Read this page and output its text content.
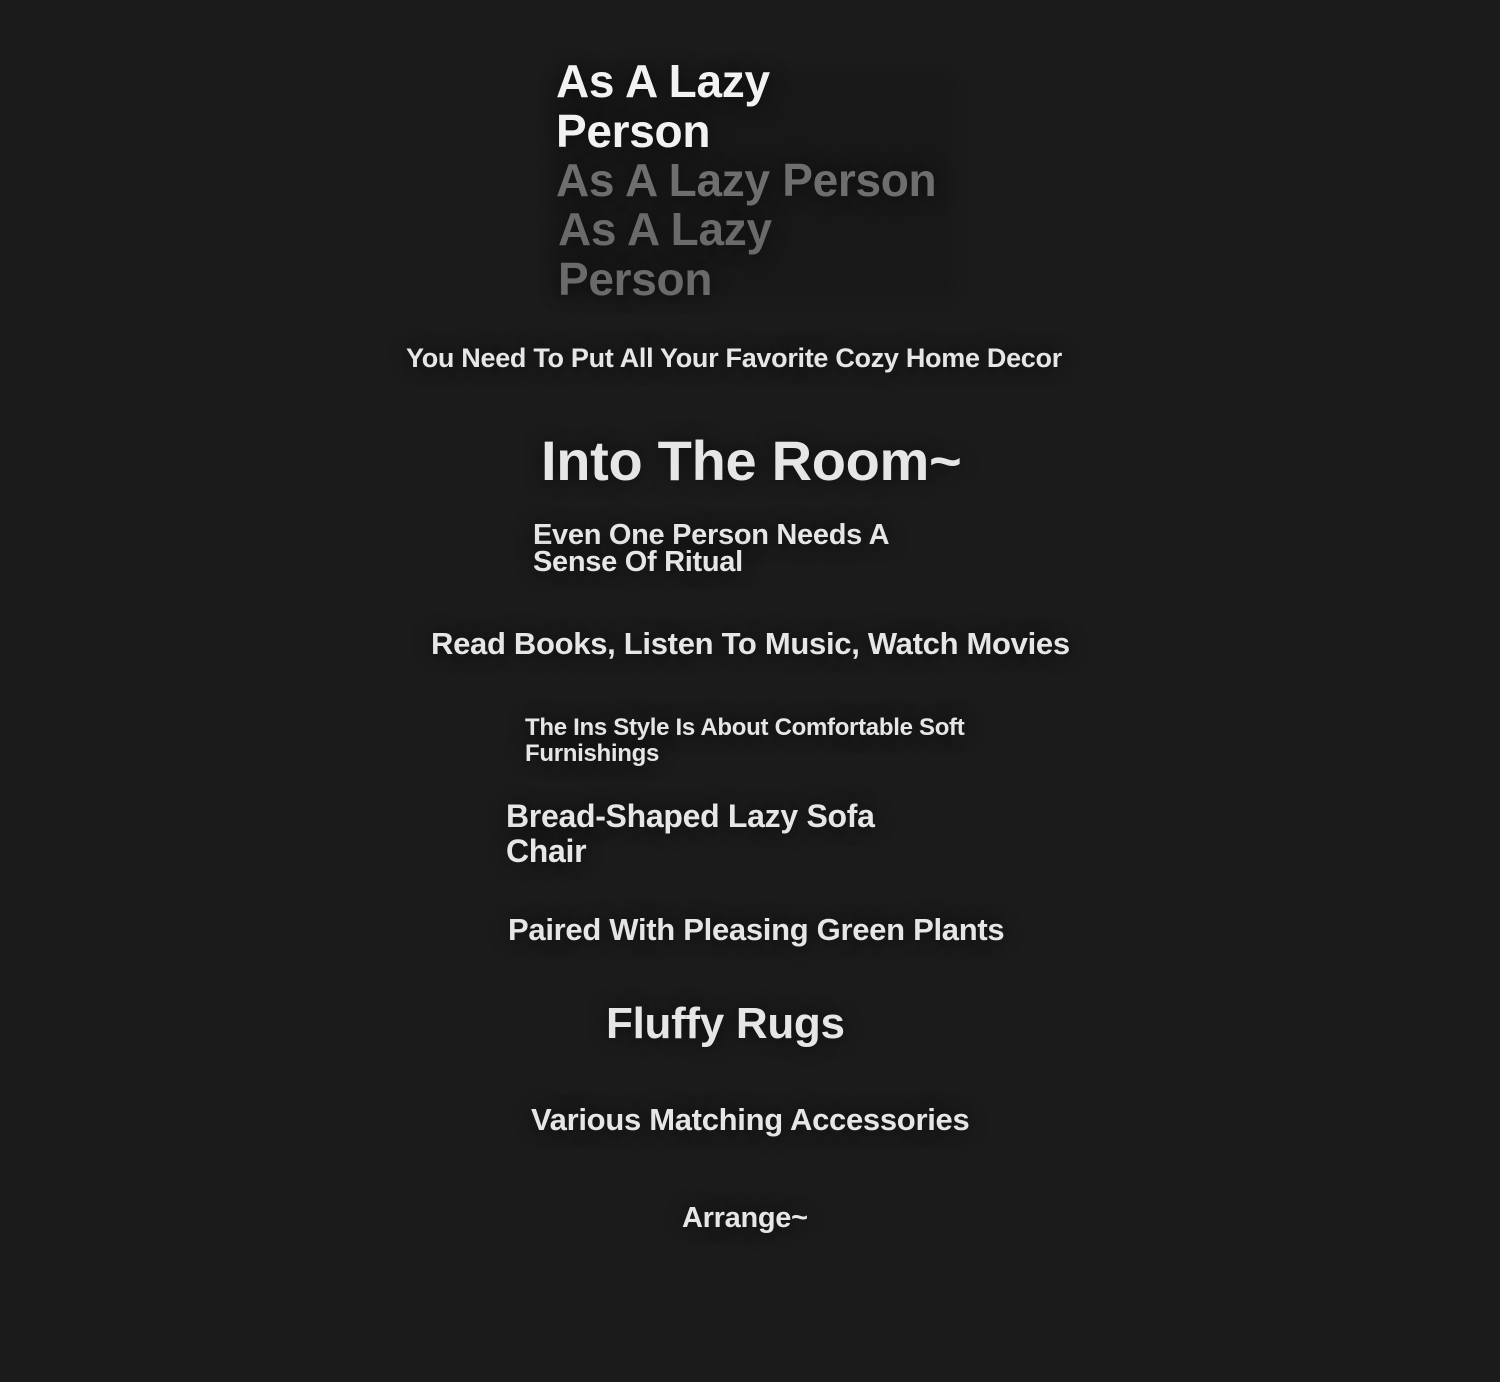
As A Lazy
Person
As A Lazy Person
As A Lazy
Person
You Need To Put All Your Favorite Cozy Home Decor
Into The Room~
Even One Person Needs A
Sense Of Ritual
Read Books, Listen To Music, Watch Movies
The Ins Style Is About Comfortable Soft
Furnishings
Bread-Shaped Lazy Sofa
Chair
Paired With Pleasing Green Plants
Fluffy Rugs
Various Matching Accessories
Arrange~
